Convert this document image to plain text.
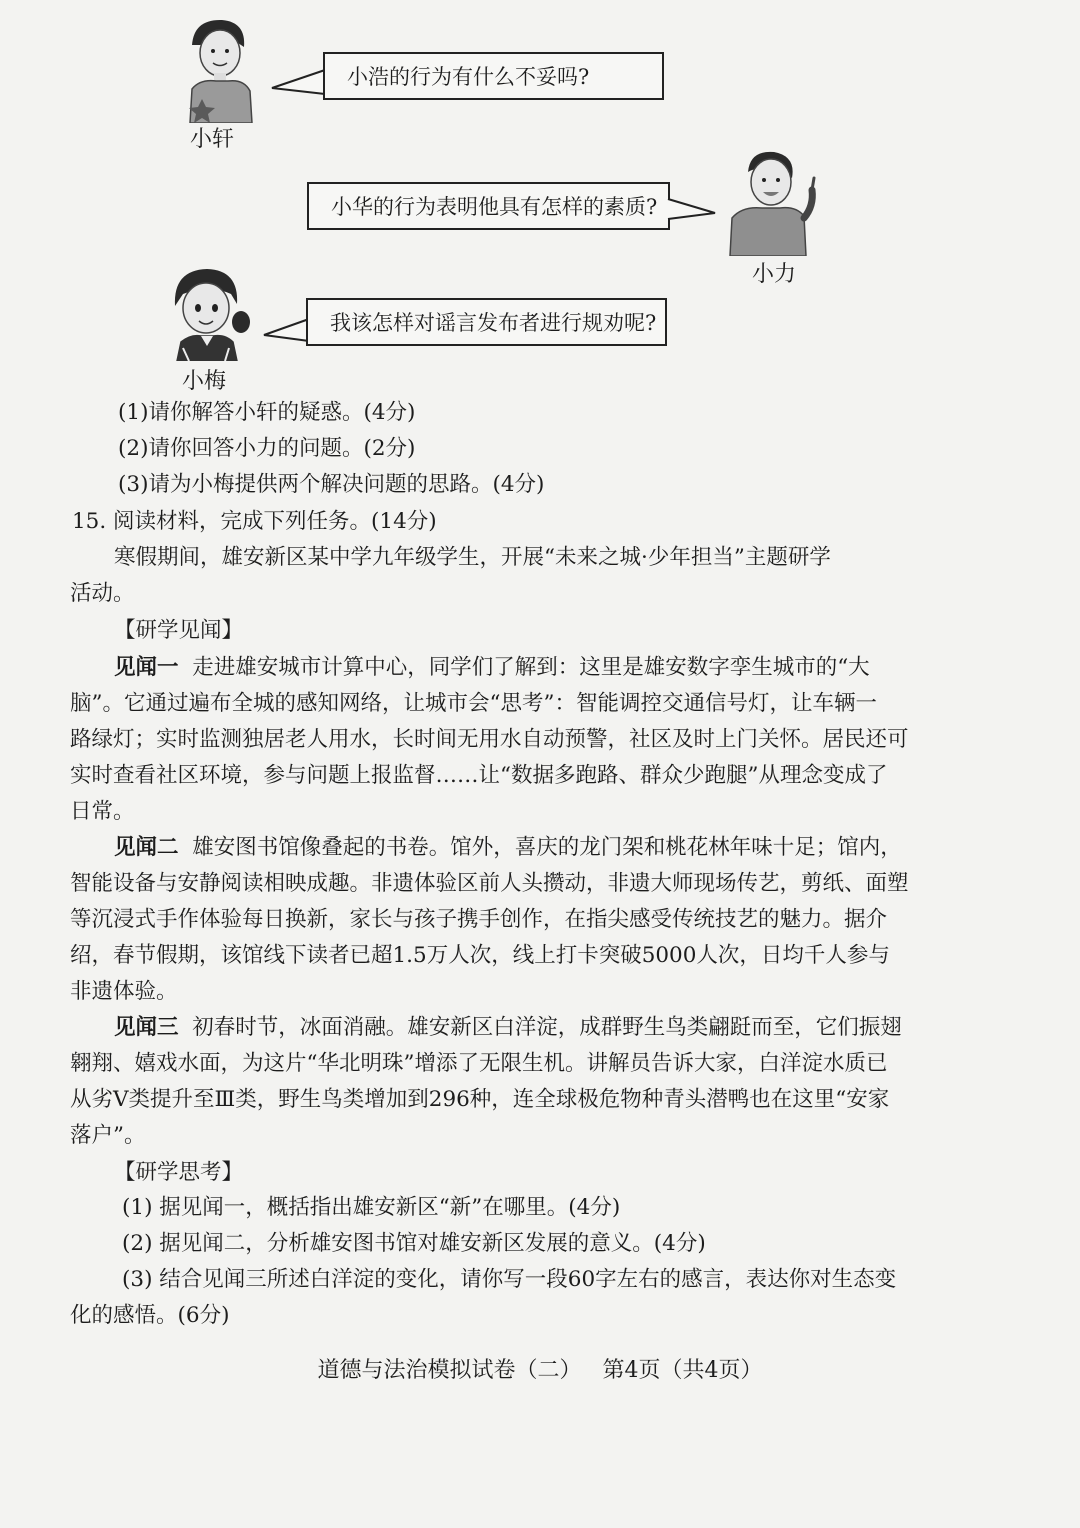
小轩
小浩的行为有什么不妥吗?
小力
小华的行为表明他具有怎样的素质?
小梅
我该怎样对谣言发布者进行规劝呢?
(1)请你解答小轩的疑惑。(4分)
(2)请你回答小力的问题。(2分)
(3)请为小梅提供两个解决问题的思路。(4分)
15. 阅读材料，完成下列任务。(14分)
寒假期间，雄安新区某中学九年级学生，开展“未来之城·少年担当”主题研学
活动。
【研学见闻】
见闻一 走进雄安城市计算中心，同学们了解到：这里是雄安数字孪生城市的“大
脑”。它通过遍布全城的感知网络，让城市会“思考”：智能调控交通信号灯，让车辆一
路绿灯；实时监测独居老人用水，长时间无用水自动预警，社区及时上门关怀。居民还可
实时查看社区环境，参与问题上报监督……让“数据多跑路、群众少跑腿”从理念变成了
日常。
见闻二 雄安图书馆像叠起的书卷。馆外，喜庆的龙门架和桃花林年味十足；馆内，
智能设备与安静阅读相映成趣。非遗体验区前人头攒动，非遗大师现场传艺，剪纸、面塑
等沉浸式手作体验每日换新，家长与孩子携手创作，在指尖感受传统技艺的魅力。据介
绍，春节假期，该馆线下读者已超1.5万人次，线上打卡突破5000人次，日均千人参与
非遗体验。
见闻三 初春时节，冰面消融。雄安新区白洋淀，成群野生鸟类翩跹而至，它们振翅
翱翔、嬉戏水面，为这片“华北明珠”增添了无限生机。讲解员告诉大家，白洋淀水质已
从劣Ⅴ类提升至Ⅲ类，野生鸟类增加到296种，连全球极危物种青头潜鸭也在这里“安家
落户”。
【研学思考】
(1) 据见闻一，概括指出雄安新区“新”在哪里。(4分)
(2) 据见闻二，分析雄安图书馆对雄安新区发展的意义。(4分)
(3) 结合见闻三所述白洋淀的变化，请你写一段60字左右的感言，表达你对生态变
化的感悟。(6分)
道德与法治模拟试卷（二）   第4页（共4页）
